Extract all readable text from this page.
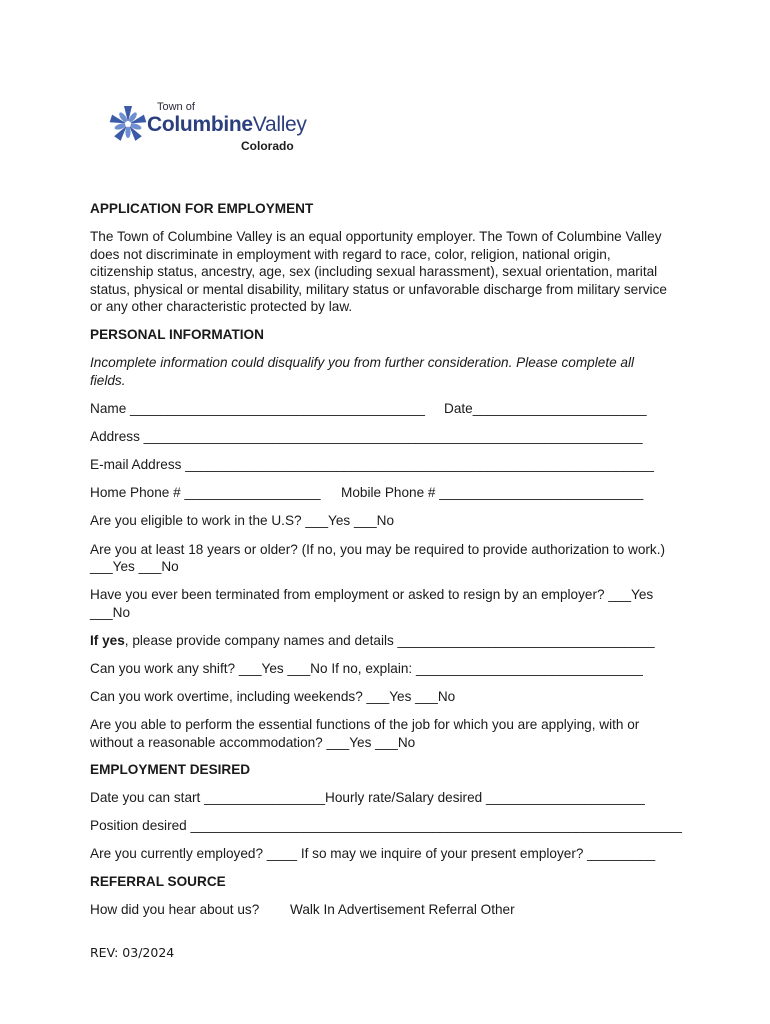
Town of
ColumbineValley
Colorado
APPLICATION FOR EMPLOYMENT
The Town of Columbine Valley is an equal opportunity employer. The Town of Columbine Valley
does not discriminate in employment with regard to race, color, religion, national origin,
citizenship status, ancestry, age, sex (including sexual harassment), sexual orientation, marital
status, physical or mental disability, military status or unfavorable discharge from military service
or any other characteristic protected by law.
PERSONAL INFORMATION
Incomplete information could disqualify you from further consideration. Please complete all
fields.
Name _______________________________________ Date_______________________
Address __________________________________________________________________
E-mail Address ______________________________________________________________
Home Phone # __________________ Mobile Phone # ___________________________
Are you eligible to work in the U.S? ___Yes ___No
Are you at least 18 years or older? (If no, you may be required to provide authorization to work.)
___Yes ___No
Have you ever been terminated from employment or asked to resign by an employer? ___Yes
___No
If yes, please provide company names and details __________________________________
Can you work any shift? ___Yes ___No If no, explain: ______________________________
Can you work overtime, including weekends? ___Yes ___No
Are you able to perform the essential functions of the job for which you are applying, with or
without a reasonable accommodation? ___Yes ___No
EMPLOYMENT DESIRED
Date you can start ________________Hourly rate/Salary desired _____________________
Position desired _________________________________________________________________
Are you currently employed? ____ If so may we inquire of your present employer? _________
REFERRAL SOURCE
How did you hear about us? Walk In Advertisement Referral Other
REV: 03/2024
